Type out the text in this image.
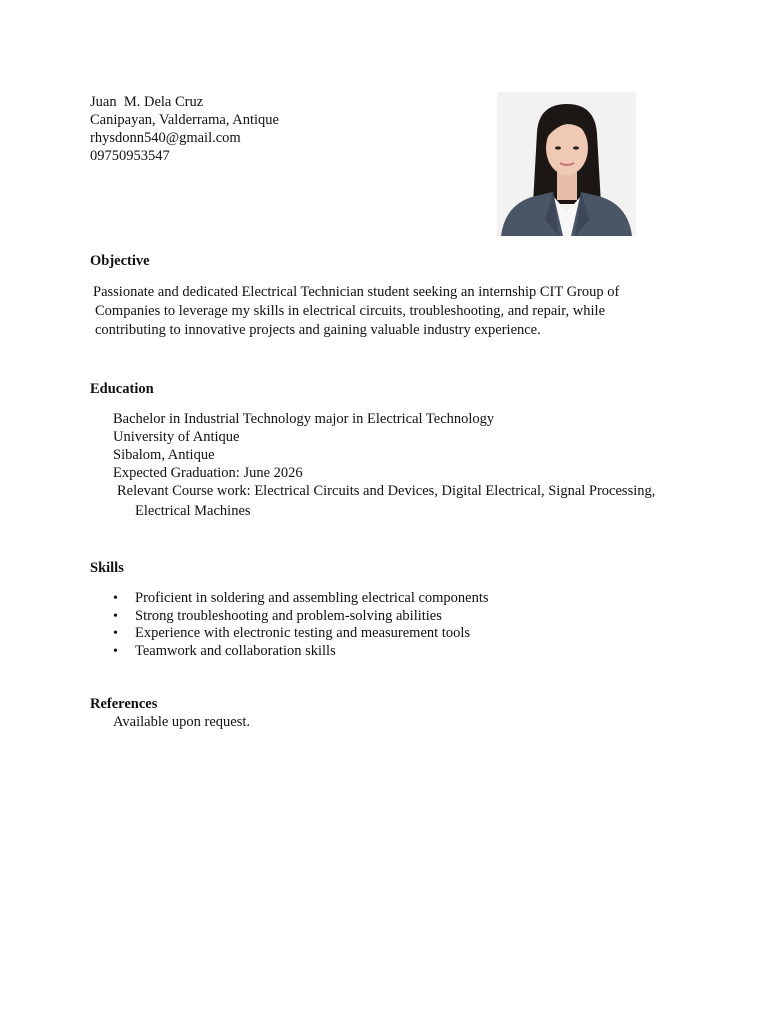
Juan  M. Dela Cruz
Canipayan, Valderrama, Antique
rhysdonn540@gmail.com
09750953547
Objective
Passionate and dedicated Electrical Technician student seeking an internship CIT Group of
Companies to leverage my skills in electrical circuits, troubleshooting, and repair, while
contributing to innovative projects and gaining valuable industry experience.
Education
Bachelor in Industrial Technology major in Electrical Technology
University of Antique
Sibalom, Antique
Expected Graduation: June 2026
Relevant Course work: Electrical Circuits and Devices, Digital Electrical, Signal Processing,
Electrical Machines
Skills
• Proficient in soldering and assembling electrical components
• Strong troubleshooting and problem-solving abilities
• Experience with electronic testing and measurement tools
• Teamwork and collaboration skills
References
Available upon request.
